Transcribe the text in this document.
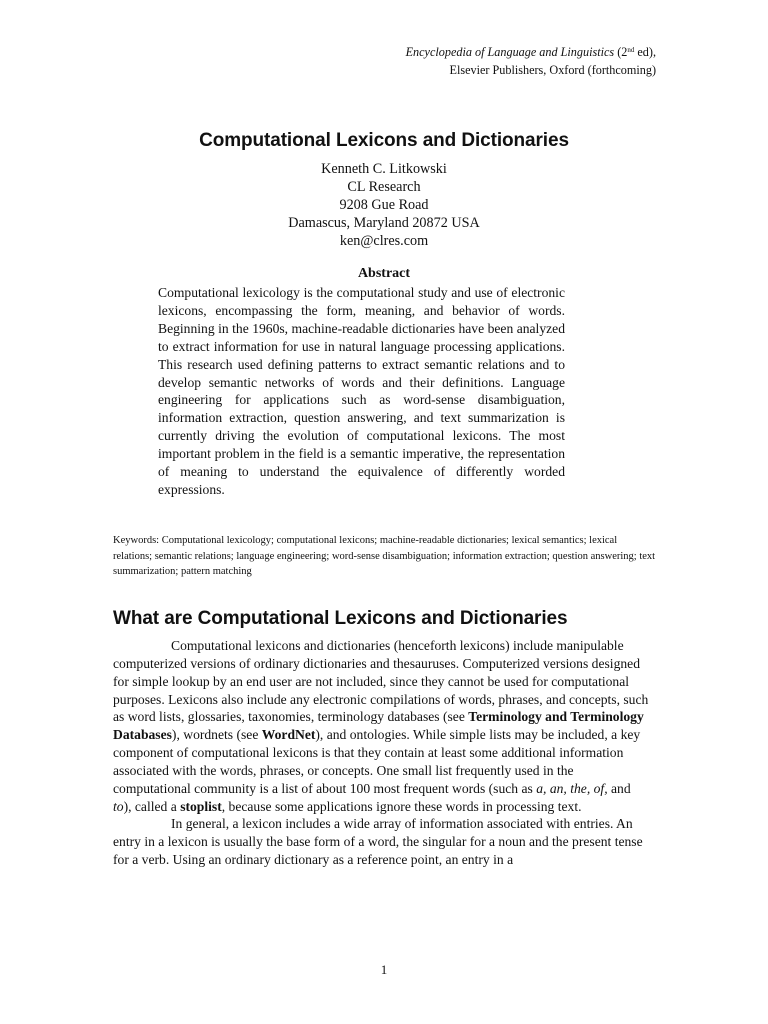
Encyclopedia of Language and Linguistics (2nd ed),
Elsevier Publishers, Oxford (forthcoming)
Computational Lexicons and Dictionaries
Kenneth C. Litkowski
CL Research
9208 Gue Road
Damascus, Maryland 20872 USA
ken@clres.com
Abstract
Computational lexicology is the computational study and use of electronic lexicons, encompassing the form, meaning, and behavior of words. Beginning in the 1960s, machine-readable dictionaries have been analyzed to extract information for use in natural language processing applications. This research used defining patterns to extract semantic relations and to develop semantic networks of words and their definitions. Language engineering for applications such as word-sense disambiguation, information extraction, question answering, and text summarization is currently driving the evolution of computational lexicons. The most important problem in the field is a semantic imperative, the representation of meaning to understand the equivalence of differently worded expressions.
Keywords: Computational lexicology; computational lexicons; machine-readable dictionaries; lexical semantics; lexical relations; semantic relations; language engineering; word-sense disambiguation; information extraction; question answering; text summarization; pattern matching
What are Computational Lexicons and Dictionaries

Computational lexicons and dictionaries (henceforth lexicons) include manipulable computerized versions of ordinary dictionaries and thesauruses. Computerized versions designed for simple lookup by an end user are not included, since they cannot be used for computational purposes. Lexicons also include any electronic compilations of words, phrases, and concepts, such as word lists, glossaries, taxonomies, terminology databases (see Terminology and Terminology Databases), wordnets (see WordNet), and ontologies. While simple lists may be included, a key component of computational lexicons is that they contain at least some additional information associated with the words, phrases, or concepts. One small list frequently used in the computational community is a list of about 100 most frequent words (such as a, an, the, of, and to), called a stoplist, because some applications ignore these words in processing text.

In general, a lexicon includes a wide array of information associated with entries. An entry in a lexicon is usually the base form of a word, the singular for a noun and the present tense for a verb. Using an ordinary dictionary as a reference point, an entry in a

1
